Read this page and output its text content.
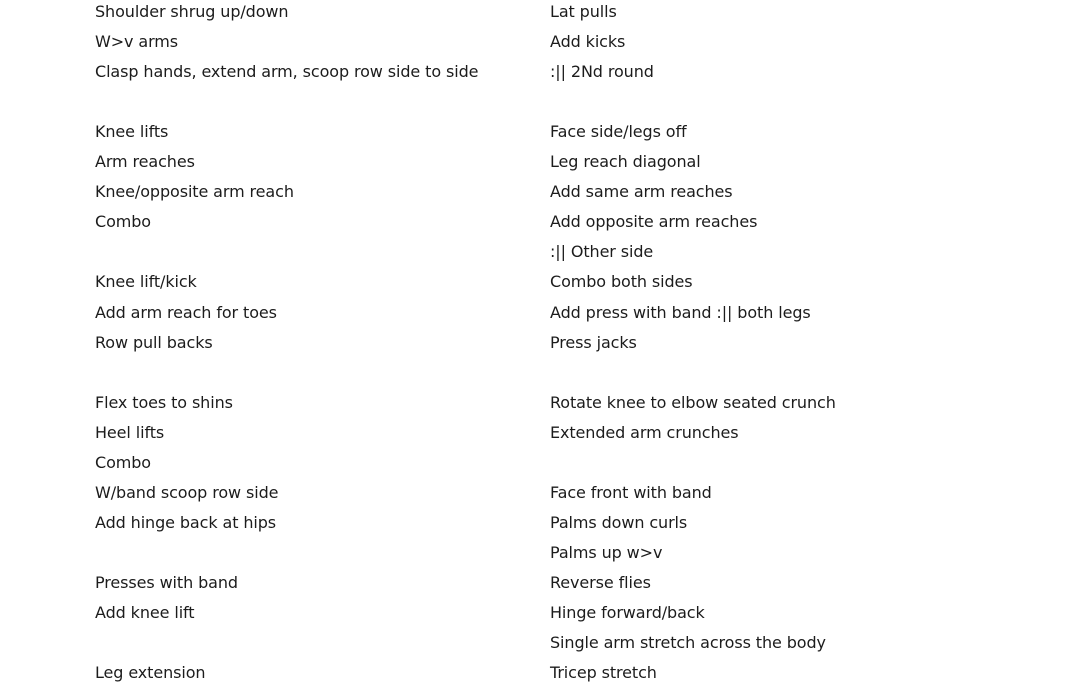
Shoulder shrug up/down
W>v arms
Clasp hands, extend arm, scoop row side to side
Knee lifts
Arm reaches
Knee/opposite arm reach
Combo
Knee lift/kick
Add arm reach for toes
Row pull backs
Flex toes to shins
Heel lifts
Combo
W/band scoop row side
Add hinge back at hips
Presses with band
Add knee lift
Leg extension
Lat pulls
Add kicks
:|| 2Nd round
Face side/legs off
Leg reach diagonal
Add same arm reaches
Add opposite arm reaches
:|| Other side
Combo both sides
Add press with band :|| both legs
Press jacks
Rotate knee to elbow seated crunch
Extended arm crunches
Face front with band
Palms down curls
Palms up w>v
Reverse flies
Hinge forward/back
Single arm stretch across the body
Tricep stretch
